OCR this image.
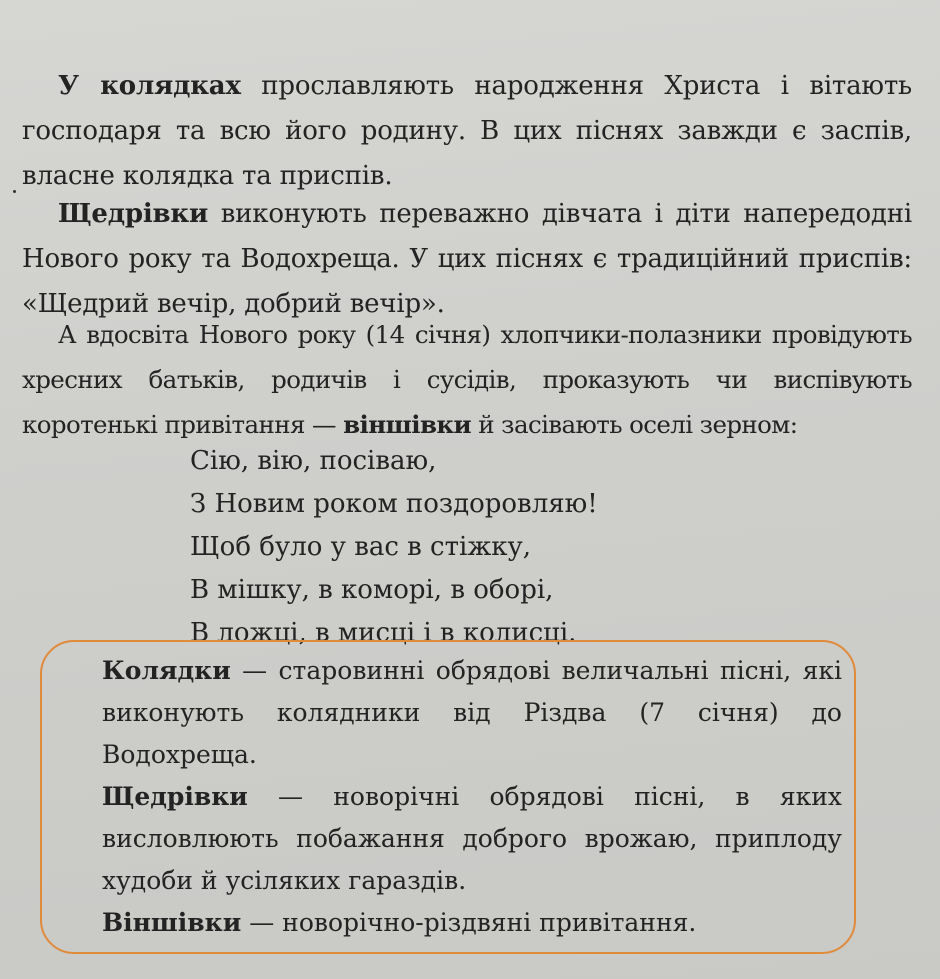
У колядках прославляють народження Христа і вітають господаря та всю його родину. В цих піснях завжди є заспів, власне колядка та приспів.

Щедрівки виконують переважно дівчата і діти напередодні Нового року та Водохреща. У цих піснях є традиційний приспів: «Щедрий вечір, добрий вечір».

А вдосвіта Нового року (14 січня) хлопчики-полазники провідують хресних батьків, родичів і сусідів, проказують чи виспівують коротенькі привітання — віншівки й засівають оселі зерном:

Сію, вію, посіваю,
З Новим роком поздоровляю!
Щоб було у вас в стіжку,
В мішку, в коморі, в оборі,
В ложці, в мисці і в колисці.

Колядки — старовинні обрядові величальні пісні, які виконують колядники від Різдва (7 січня) до Водохреща.
Щедрівки — новорічні обрядові пісні, в яких висловлюють побажання доброго врожаю, приплоду худоби й усіляких гараздів.
Віншівки — новорічно-різдвяні привітання.
